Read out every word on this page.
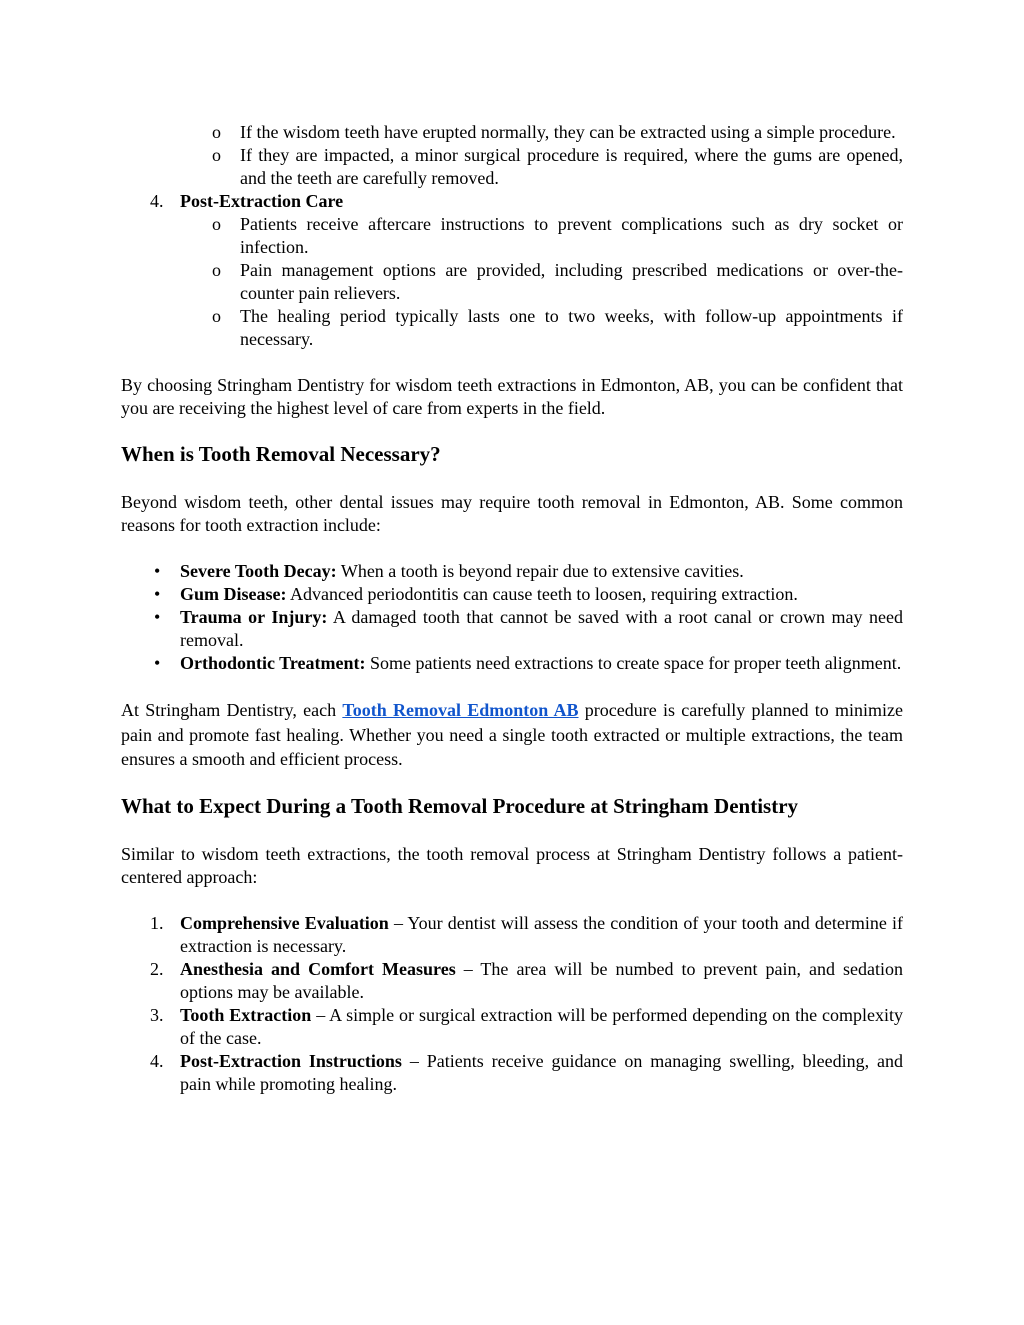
o If the wisdom teeth have erupted normally, they can be extracted using a simple procedure.
o If they are impacted, a minor surgical procedure is required, where the gums are opened, and the teeth are carefully removed.
4. Post-Extraction Care
o Patients receive aftercare instructions to prevent complications such as dry socket or infection.
o Pain management options are provided, including prescribed medications or over-the-counter pain relievers.
o The healing period typically lasts one to two weeks, with follow-up appointments if necessary.

By choosing Stringham Dentistry for wisdom teeth extractions in Edmonton, AB, you can be confident that you are receiving the highest level of care from experts in the field.

When is Tooth Removal Necessary?

Beyond wisdom teeth, other dental issues may require tooth removal in Edmonton, AB. Some common reasons for tooth extraction include:

• Severe Tooth Decay: When a tooth is beyond repair due to extensive cavities.
• Gum Disease: Advanced periodontitis can cause teeth to loosen, requiring extraction.
• Trauma or Injury: A damaged tooth that cannot be saved with a root canal or crown may need removal.
• Orthodontic Treatment: Some patients need extractions to create space for proper teeth alignment.

At Stringham Dentistry, each Tooth Removal Edmonton AB procedure is carefully planned to minimize pain and promote fast healing. Whether you need a single tooth extracted or multiple extractions, the team ensures a smooth and efficient process.

What to Expect During a Tooth Removal Procedure at Stringham Dentistry

Similar to wisdom teeth extractions, the tooth removal process at Stringham Dentistry follows a patient-centered approach:

1. Comprehensive Evaluation – Your dentist will assess the condition of your tooth and determine if extraction is necessary.
2. Anesthesia and Comfort Measures – The area will be numbed to prevent pain, and sedation options may be available.
3. Tooth Extraction – A simple or surgical extraction will be performed depending on the complexity of the case.
4. Post-Extraction Instructions – Patients receive guidance on managing swelling, bleeding, and pain while promoting healing.
